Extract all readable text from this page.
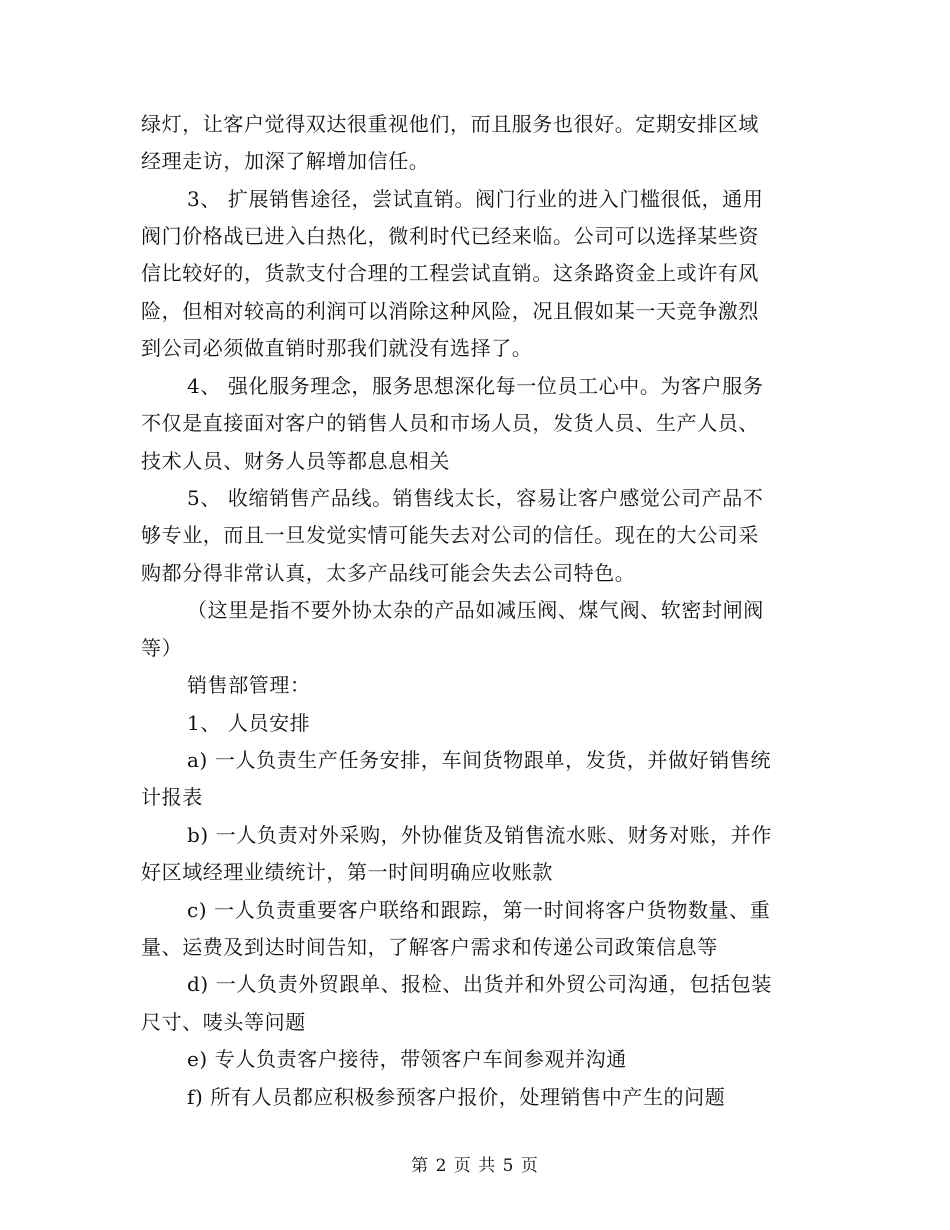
绿灯，让客户觉得双达很重视他们，而且服务也很好。定期安排区域
经理走访，加深了解增加信任。
3、 扩展销售途径，尝试直销。阀门行业的进入门槛很低，通用
阀门价格战已进入白热化，微利时代已经来临。公司可以选择某些资
信比较好的，货款支付合理的工程尝试直销。这条路资金上或许有风
险，但相对较高的利润可以消除这种风险，况且假如某一天竞争激烈
到公司必须做直销时那我们就没有选择了。
4、 强化服务理念，服务思想深化每一位员工心中。为客户服务
不仅是直接面对客户的销售人员和市场人员，发货人员、生产人员、
技术人员、财务人员等都息息相关
5、 收缩销售产品线。销售线太长，容易让客户感觉公司产品不
够专业，而且一旦发觉实情可能失去对公司的信任。现在的大公司采
购都分得非常认真，太多产品线可能会失去公司特色。
（这里是指不要外协太杂的产品如减压阀、煤气阀、软密封闸阀
等）
销售部管理：
1、 人员安排
a) 一人负责生产任务安排，车间货物跟单，发货，并做好销售统
计报表
b) 一人负责对外采购，外协催货及销售流水账、财务对账，并作
好区域经理业绩统计，第一时间明确应收账款
c) 一人负责重要客户联络和跟踪，第一时间将客户货物数量、重
量、运费及到达时间告知，了解客户需求和传递公司政策信息等
d) 一人负责外贸跟单、报检、出货并和外贸公司沟通，包括包装
尺寸、唛头等问题
e) 专人负责客户接待，带领客户车间参观并沟通
f) 所有人员都应积极参预客户报价，处理销售中产生的问题
第 2 页 共 5 页
